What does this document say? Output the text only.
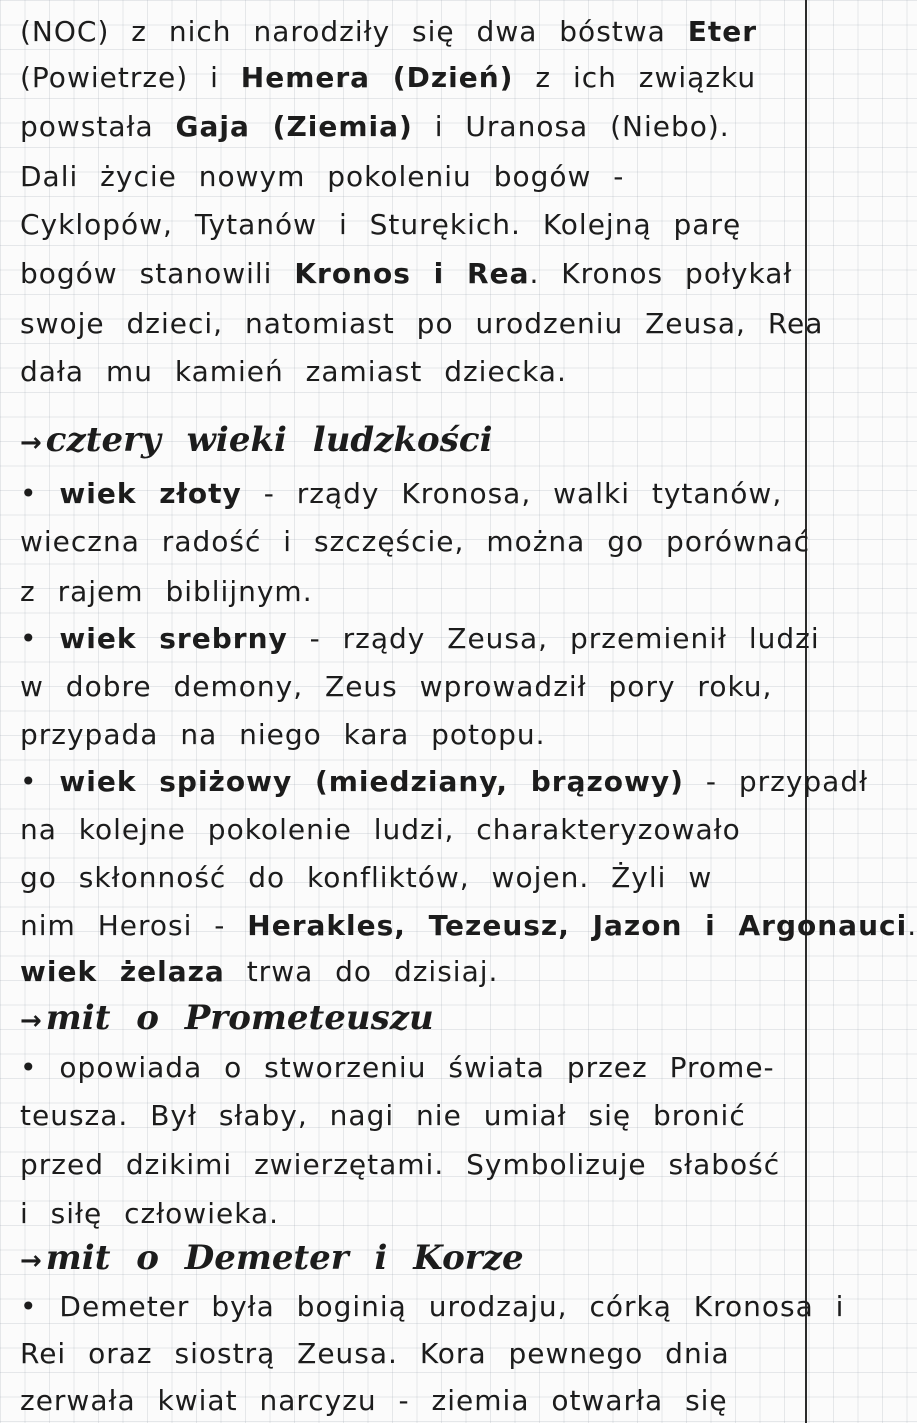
(NOC) z nich narodziły się dwa bóstwa Eter
(Powietrze) i Hemera (Dzień) z ich związku
powstała Gaja (Ziemia) i Uranosa (Niebo).
Dali życie nowym pokoleniu bogów -
Cyklopów, Tytanów i Sturękich. Kolejną parę
bogów stanowili Kronos i Rea. Kronos połykał
swoje dzieci, natomiast po urodzeniu Zeusa, Rea
dała mu kamień zamiast dziecka.
→ cztery wieki ludzkości
• wiek złoty - rządy Kronosa, walki tytanów,
wieczna radość i szczęście, można go porównać
z rajem biblijnym.
• wiek srebrny - rządy Zeusa, przemienił ludzi
w dobre demony, Zeus wprowadził pory roku,
przypada na niego kara potopu.
• wiek spiżowy (miedziany, brązowy) - przypadł
na kolejne pokolenie ludzi, charakteryzowało
go skłonność do konfliktów, wojen. Żyli w
nim Herosi - Herakles, Tezeusz, Jazon i Argonauci.
wiek żelaza trwa do dzisiaj.
→ mit o Prometeuszu
• opowiada o stworzeniu świata przez Prome-
teusza. Był słaby, nagi nie umiał się bronić
przed dzikimi zwierzętami. Symbolizuje słabość
i siłę człowieka.
→ mit o Demeter i Korze
• Demeter była boginią urodzaju, córką Kronosa i
Rei oraz siostrą Zeusa. Kora pewnego dnia
zerwała kwiat narcyzu - ziemia otwarła się
